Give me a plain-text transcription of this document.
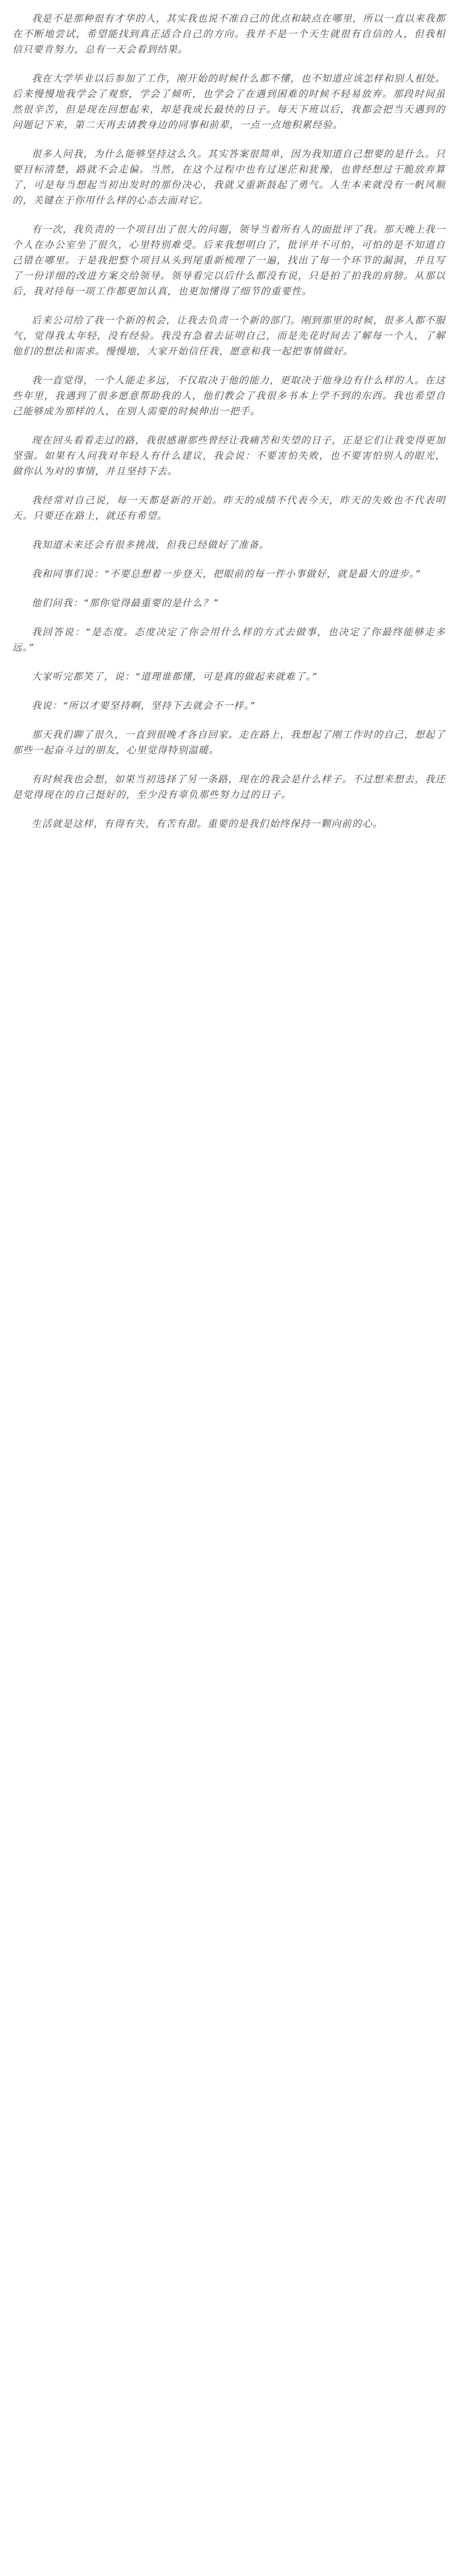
我是不是那种很有才华的人，其实我也说不准自己的优点和缺点在哪里，所以一直以来我都在不断地尝试，希望能找到真正适合自己的方向。我并不是一个天生就很有自信的人，但我相信只要肯努力，总有一天会看到结果。

我在大学毕业以后参加了工作，刚开始的时候什么都不懂，也不知道应该怎样和别人相处。后来慢慢地我学会了观察，学会了倾听，也学会了在遇到困难的时候不轻易放弃。那段时间虽然很辛苦，但是现在回想起来，却是我成长最快的日子。每天下班以后，我都会把当天遇到的问题记下来，第二天再去请教身边的同事和前辈，一点一点地积累经验。

很多人问我，为什么能够坚持这么久。其实答案很简单，因为我知道自己想要的是什么。只要目标清楚，路就不会走偏。当然，在这个过程中也有过迷茫和犹豫，也曾经想过干脆放弃算了，可是每当想起当初出发时的那份决心，我就又重新鼓起了勇气。人生本来就没有一帆风顺的，关键在于你用什么样的心态去面对它。

有一次，我负责的一个项目出了很大的问题，领导当着所有人的面批评了我。那天晚上我一个人在办公室坐了很久，心里特别难受。后来我想明白了，批评并不可怕，可怕的是不知道自己错在哪里。于是我把整个项目从头到尾重新梳理了一遍，找出了每一个环节的漏洞，并且写了一份详细的改进方案交给领导。领导看完以后什么都没有说，只是拍了拍我的肩膀。从那以后，我对待每一项工作都更加认真，也更加懂得了细节的重要性。

后来公司给了我一个新的机会，让我去负责一个新的部门。刚到那里的时候，很多人都不服气，觉得我太年轻，没有经验。我没有急着去证明自己，而是先花时间去了解每一个人，了解他们的想法和需求。慢慢地，大家开始信任我，愿意和我一起把事情做好。

我一直觉得，一个人能走多远，不仅取决于他的能力，更取决于他身边有什么样的人。在这些年里，我遇到了很多愿意帮助我的人，他们教会了我很多书本上学不到的东西。我也希望自己能够成为那样的人，在别人需要的时候伸出一把手。

现在回头看看走过的路，我很感谢那些曾经让我痛苦和失望的日子，正是它们让我变得更加坚强。如果有人问我对年轻人有什么建议，我会说：不要害怕失败，也不要害怕别人的眼光，做你认为对的事情，并且坚持下去。

我经常对自己说，每一天都是新的开始。昨天的成绩不代表今天，昨天的失败也不代表明天。只要还在路上，就还有希望。

我知道未来还会有很多挑战，但我已经做好了准备。

我和同事们说：“不要总想着一步登天，把眼前的每一件小事做好，就是最大的进步。”

他们问我：“那你觉得最重要的是什么？”

我回答说：“是态度。态度决定了你会用什么样的方式去做事，也决定了你最终能够走多远。”

大家听完都笑了，说：“道理谁都懂，可是真的做起来就难了。”

我说：“所以才要坚持啊，坚持下去就会不一样。”

那天我们聊了很久，一直到很晚才各自回家。走在路上，我想起了刚工作时的自己，想起了那些一起奋斗过的朋友，心里觉得特别温暖。

有时候我也会想，如果当初选择了另一条路，现在的我会是什么样子。不过想来想去，我还是觉得现在的自己挺好的，至少没有辜负那些努力过的日子。

生活就是这样，有得有失，有苦有甜。重要的是我们始终保持一颗向前的心。
